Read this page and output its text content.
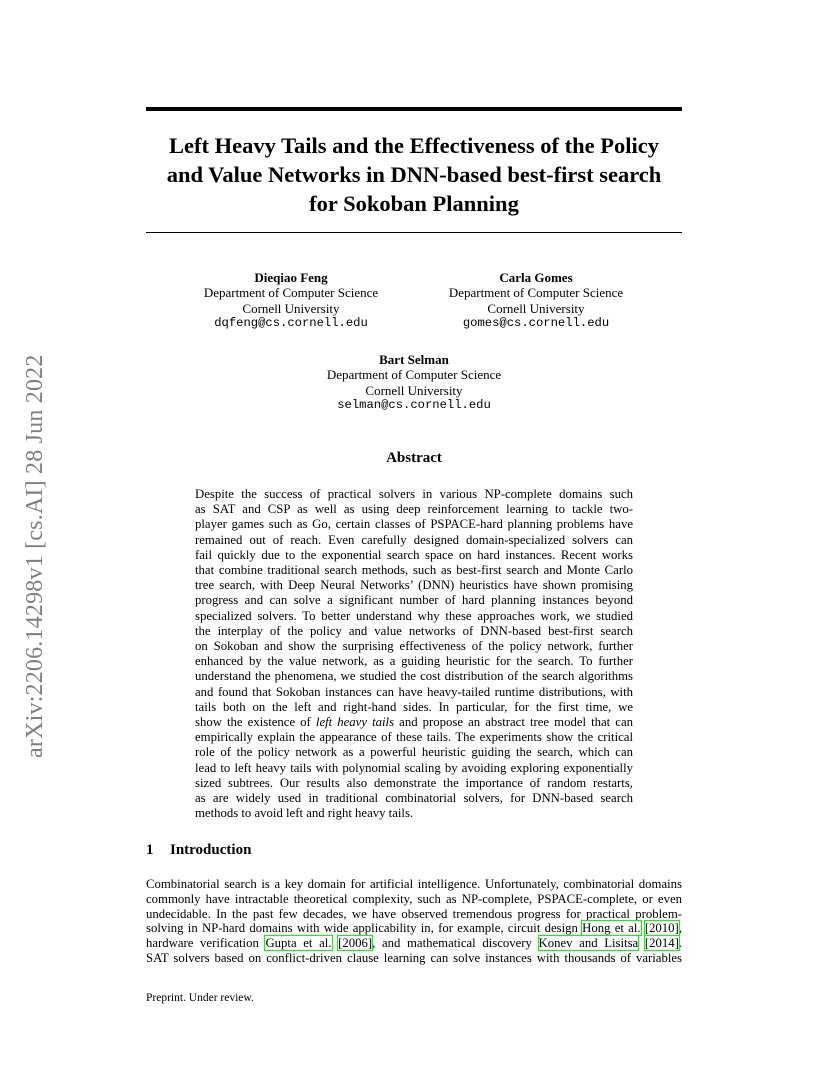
arXiv:2206.14298v1 [cs.AI] 28 Jun 2022
Left Heavy Tails and the Effectiveness of the Policy
and Value Networks in DNN-based best-first search
for Sokoban Planning
Dieqiao Feng
Department of Computer Science
Cornell University
dqfeng@cs.cornell.edu
Carla Gomes
Department of Computer Science
Cornell University
gomes@cs.cornell.edu
Bart Selman
Department of Computer Science
Cornell University
selman@cs.cornell.edu
Abstract
Despite the success of practical solvers in various NP-complete domains such
as SAT and CSP as well as using deep reinforcement learning to tackle two-
player games such as Go, certain classes of PSPACE-hard planning problems have
remained out of reach. Even carefully designed domain-specialized solvers can
fail quickly due to the exponential search space on hard instances. Recent works
that combine traditional search methods, such as best-first search and Monte Carlo
tree search, with Deep Neural Networks’ (DNN) heuristics have shown promising
progress and can solve a significant number of hard planning instances beyond
specialized solvers. To better understand why these approaches work, we studied
the interplay of the policy and value networks of DNN-based best-first search
on Sokoban and show the surprising effectiveness of the policy network, further
enhanced by the value network, as a guiding heuristic for the search. To further
understand the phenomena, we studied the cost distribution of the search algorithms
and found that Sokoban instances can have heavy-tailed runtime distributions, with
tails both on the left and right-hand sides. In particular, for the first time, we
show the existence of left heavy tails and propose an abstract tree model that can
empirically explain the appearance of these tails. The experiments show the critical
role of the policy network as a powerful heuristic guiding the search, which can
lead to left heavy tails with polynomial scaling by avoiding exploring exponentially
sized subtrees. Our results also demonstrate the importance of random restarts,
as are widely used in traditional combinatorial solvers, for DNN-based search
methods to avoid left and right heavy tails.
1 Introduction
Combinatorial search is a key domain for artificial intelligence. Unfortunately, combinatorial domains
commonly have intractable theoretical complexity, such as NP-complete, PSPACE-complete, or even
undecidable. In the past few decades, we have observed tremendous progress for practical problem-
solving in NP-hard domains with wide applicability in, for example, circuit design Hong et al. [2010],
hardware verification Gupta et al. [2006], and mathematical discovery Konev and Lisitsa [2014].
SAT solvers based on conflict-driven clause learning can solve instances with thousands of variables
Preprint. Under review.
